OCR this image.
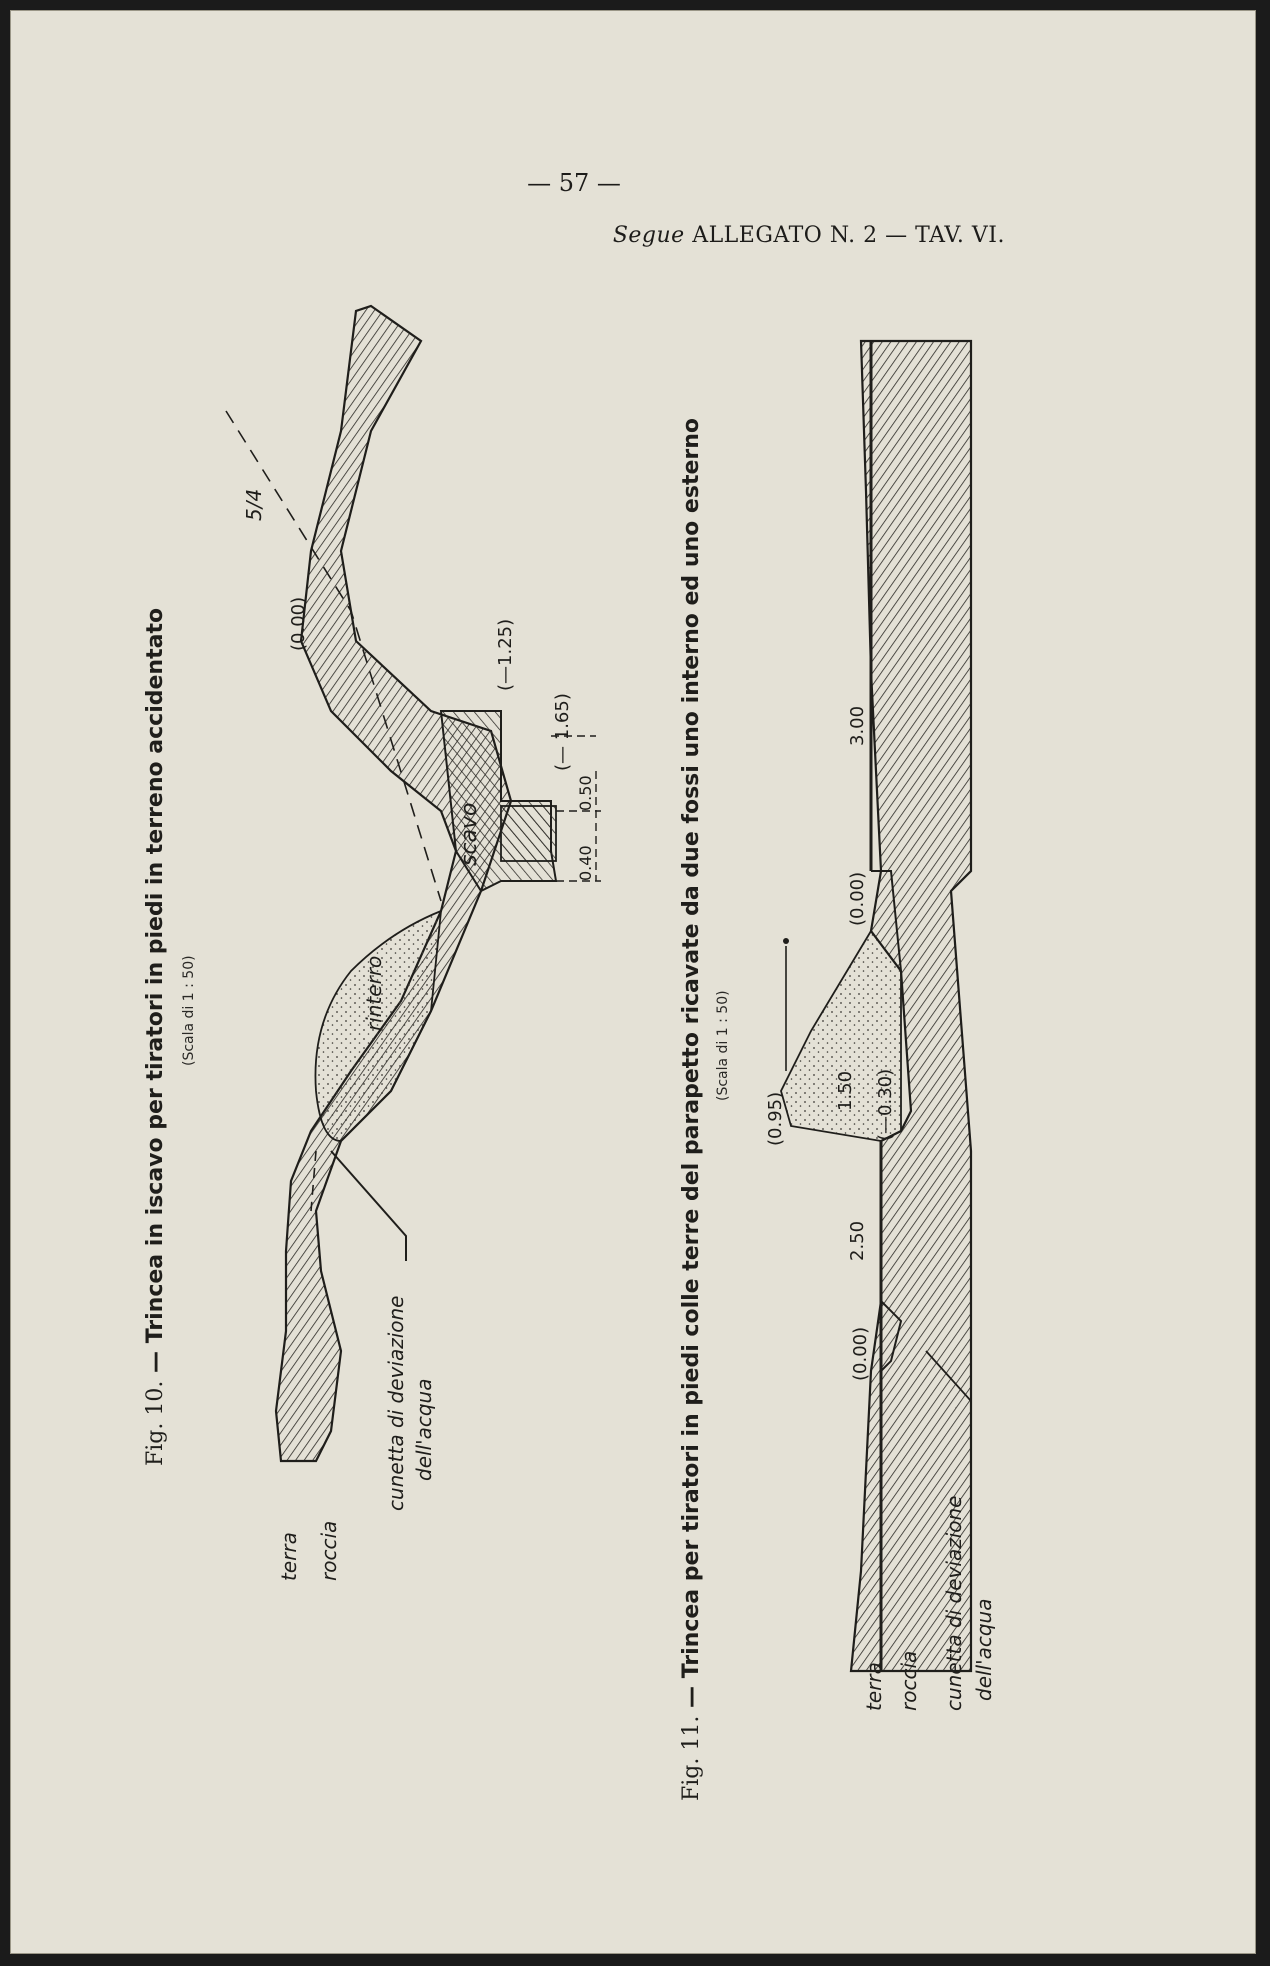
— 57 —
Segue ALLEGATO N. 2 — TAV. VI.
Fig. 10. — Trincea in iscavo per tiratori in piedi in terreno accidentato (Scala di 1 : 50)
Fig. 11. — Trincea per tiratori in piedi colle terre del parapetto ricavate da due fossi uno interno ed uno esterno (Scala di 1 : 50)
terra roccia
cunetta di deviazione dell'acqua
rinterro
scavo
5/4
(0.00)	(—1.25)
(— 1.65)
0.40
0.50
terra roccia cunetta di deviazione dell'acqua
(0.95)
(0.00)
(0.00)
(—0.30)
1.50
3.00
2.50
